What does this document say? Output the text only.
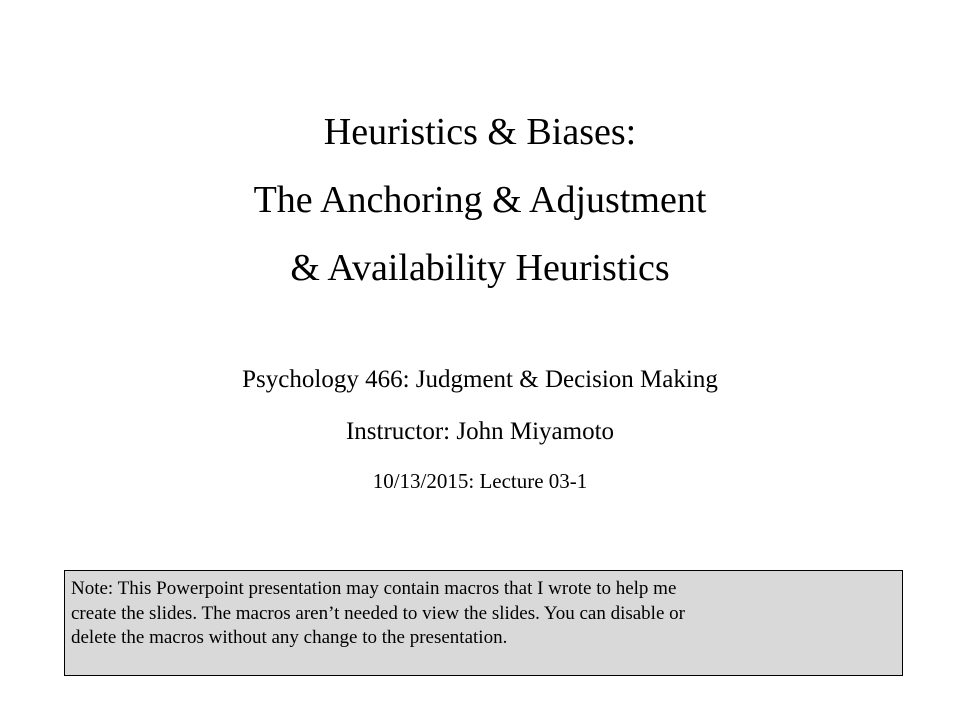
Heuristics & Biases:
The Anchoring & Adjustment
& Availability Heuristics
Psychology 466: Judgment & Decision Making
Instructor: John Miyamoto
10/13/2015: Lecture 03-1
Note: This Powerpoint presentation may contain macros that I wrote to help me
create the slides. The macros aren’t needed to view the slides. You can disable or
delete the macros without any change to the presentation.
